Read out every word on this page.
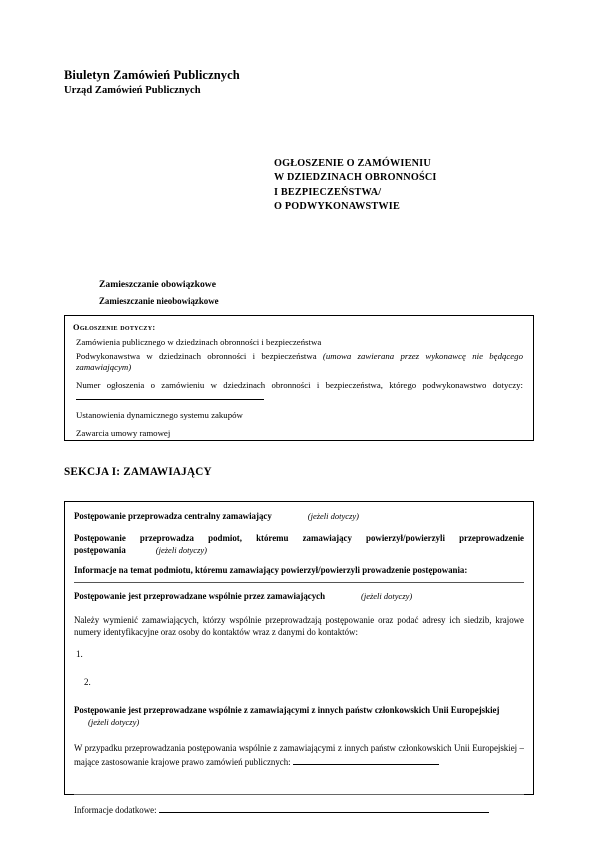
Biuletyn Zamówień Publicznych
Urząd Zamówień Publicznych
OGŁOSZENIE O ZAMÓWIENIU
W DZIEDZINACH OBRONNOŚCI
I BEZPIECZEŃSTWA/
O PODWYKONAWSTWIE
Zamieszczanie obowiązkowe
Zamieszczanie nieobowiązkowe

Ogłoszenie dotyczy:

Zamówienia publicznego w dziedzinach obronności i bezpieczeństwa

Podwykonawstwa w dziedzinach obronności i bezpieczeństwa (umowa zawierana przez wykonawcę nie będącego zamawiającym)

Numer ogłoszenia o zamówieniu w dziedzinach obronności i bezpieczeństwa, którego podwykonawstwo dotyczy:

Ustanowienia dynamicznego systemu zakupów

Zawarcia umowy ramowej

SEKCJA I: ZAMAWIAJĄCY

Postępowanie przeprowadza centralny zamawiający	(jeżeli dotyczy)

Postępowanie przeprowadza podmiot, któremu zamawiający powierzył/powierzyli przeprowadzenie postępowania	(jeżeli dotyczy)

Informacje na temat podmiotu, któremu zamawiający powierzył/powierzyli prowadzenie postępowania:

Postępowanie jest przeprowadzane wspólnie przez zamawiających	(jeżeli dotyczy)

Należy wymienić zamawiających, którzy wspólnie przeprowadzają postępowanie oraz podać adresy ich siedzib, krajowe numery identyfikacyjne oraz osoby do kontaktów wraz z danymi do kontaktów:

1.

2.

Postępowanie jest przeprowadzane wspólnie z zamawiającymi z innych państw członkowskich Unii Europejskiej
(jeżeli dotyczy)

W przypadku przeprowadzania postępowania wspólnie z zamawiającymi z innych państw członkowskich Unii Europejskiej – mające zastosowanie krajowe prawo zamówień publicznych:

Informacje dodatkowe:
